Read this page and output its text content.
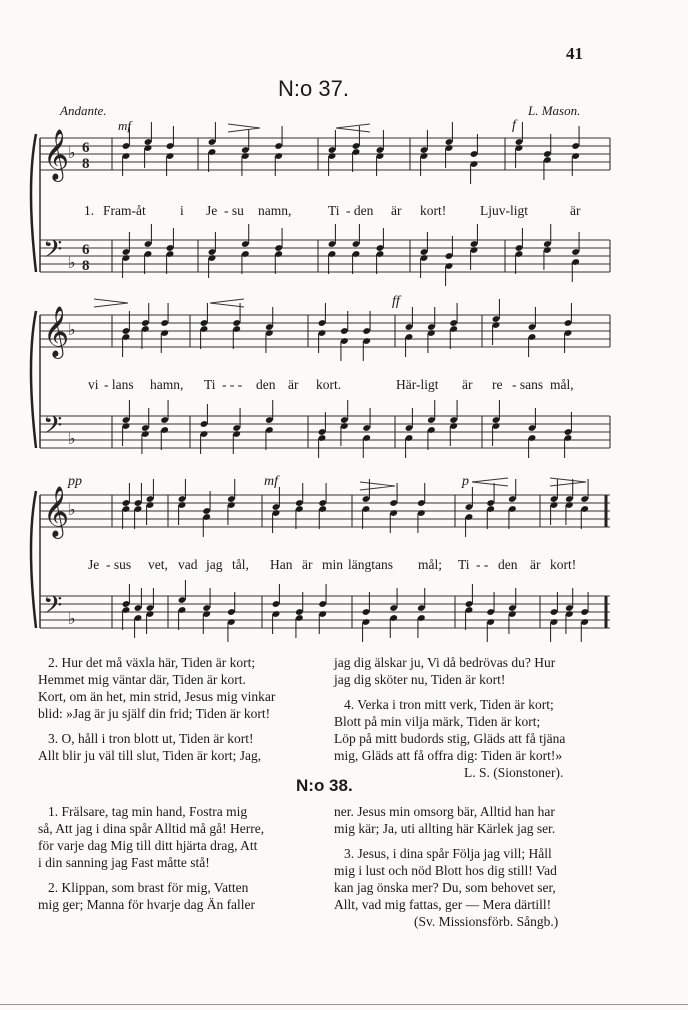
41
N:o 37.
Andante.	L. Mason.
𝄞
♭ 6
8
𝄢 ♭
6
8
𝄞
♭
𝄢 ♭
𝄞
♭
𝄢 ♭
mf	f
ff
pp	mf	p
1. Fram-åt	i Je - su namn,	Ti - den är kort!	Ljuv-ligt	är
vi - lans hamn, Ti - - - den är kort.	Här-ligt är re - sans mål,
Je - sus vet, vad jag tål, Han är min längtans mål; Ti - - den är kort!
2. Hur det må växla här, Tiden är kort;
Hemmet mig väntar där, Tiden är kort.
Kort, om än het, min strid, Jesus mig vinkar
blid: »Jag är ju själf din frid; Tiden är kort!
3. O, håll i tron blott ut, Tiden är kort!
Allt blir ju väl till slut, Tiden är kort; Jag,
jag dig älskar ju, Vi då bedrövas du? Hur
jag dig sköter nu, Tiden är kort!
4. Verka i tron mitt verk, Tiden är kort;
Blott på min vilja märk, Tiden är kort;
Löp på mitt budords stig, Gläds att få tjäna
mig, Gläds att få offra dig: Tiden är kort!»
L. S. (Sionstoner).
N:o 38.
1. Frälsare, tag min hand, Fostra mig
så, Att jag i dina spår Alltid må gå! Herre,
för varje dag Mig till ditt hjärta drag, Att
i din sanning jag Fast måtte stå!
2. Klippan, som brast för mig, Vatten
mig ger; Manna för hvarje dag Än faller
ner. Jesus min omsorg bär, Alltid han har
mig kär; Ja, uti allting här Kärlek jag ser.
3. Jesus, i dina spår Följa jag vill; Håll
mig i lust och nöd Blott hos dig still! Vad
kan jag önska mer? Du, som behovet ser,
Allt, vad mig fattas, ger — Mera därtill!
(Sv. Missionsförb. Sångb.)
